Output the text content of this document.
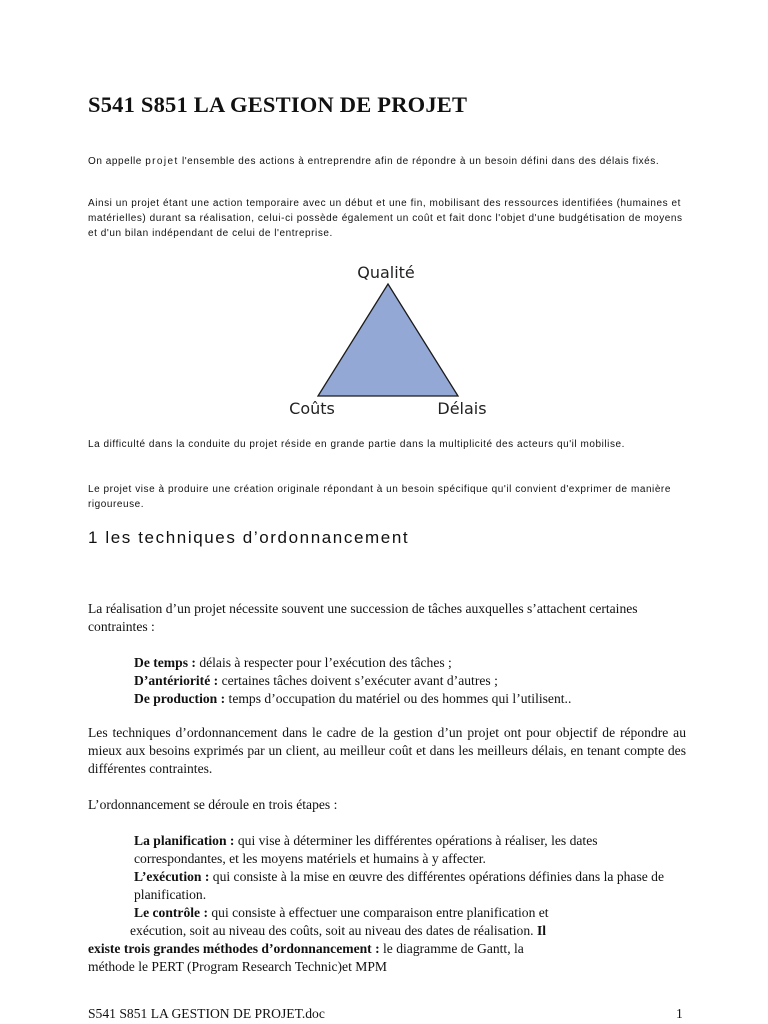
S541 S851 LA GESTION DE PROJET
On appelle projet l'ensemble des actions à entreprendre afin de répondre à un besoin défini dans des délais fixés.
Ainsi un projet étant une action temporaire avec un début et une fin, mobilisant des ressources identifiées (humaines et matérielles) durant sa réalisation, celui-ci possède également un coût et fait donc l'objet d'une budgétisation de moyens et d'un bilan indépendant de celui de l'entreprise.
Qualité
Coûts	Délais
La difficulté dans la conduite du projet réside en grande partie dans la multiplicité des acteurs qu'il mobilise.
Le projet vise à produire une création originale répondant à un besoin spécifique qu'il convient d'exprimer de manière rigoureuse.
1 les techniques d’ordonnancement
La réalisation d’un projet nécessite souvent une succession de tâches auxquelles s’attachent certaines contraintes :
De temps : délais à respecter pour l’exécution des tâches ;
D’antériorité : certaines tâches doivent s’exécuter avant d’autres ;
De production : temps d’occupation du matériel ou des hommes qui l’utilisent..
Les techniques d’ordonnancement dans le cadre de la gestion d’un projet ont pour objectif de répondre au mieux aux besoins exprimés par un client, au meilleur coût et dans les meilleurs délais, en tenant compte des différentes contraintes.
L’ordonnancement se déroule en trois étapes :
La planification : qui vise à déterminer les différentes opérations à réaliser, les dates correspondantes, et les moyens matériels et humains à y affecter.
L’exécution : qui consiste à la mise en œuvre des différentes opérations définies dans la phase de planification.
Le contrôle : qui consiste à effectuer une comparaison entre planification et
exécution, soit au niveau des coûts, soit au niveau des dates de réalisation. Il
existe trois grandes méthodes d’ordonnancement : le diagramme de Gantt, la
méthode le PERT (Program Research Technic)et MPM
S541 S851 LA GESTION DE PROJET.doc	1
